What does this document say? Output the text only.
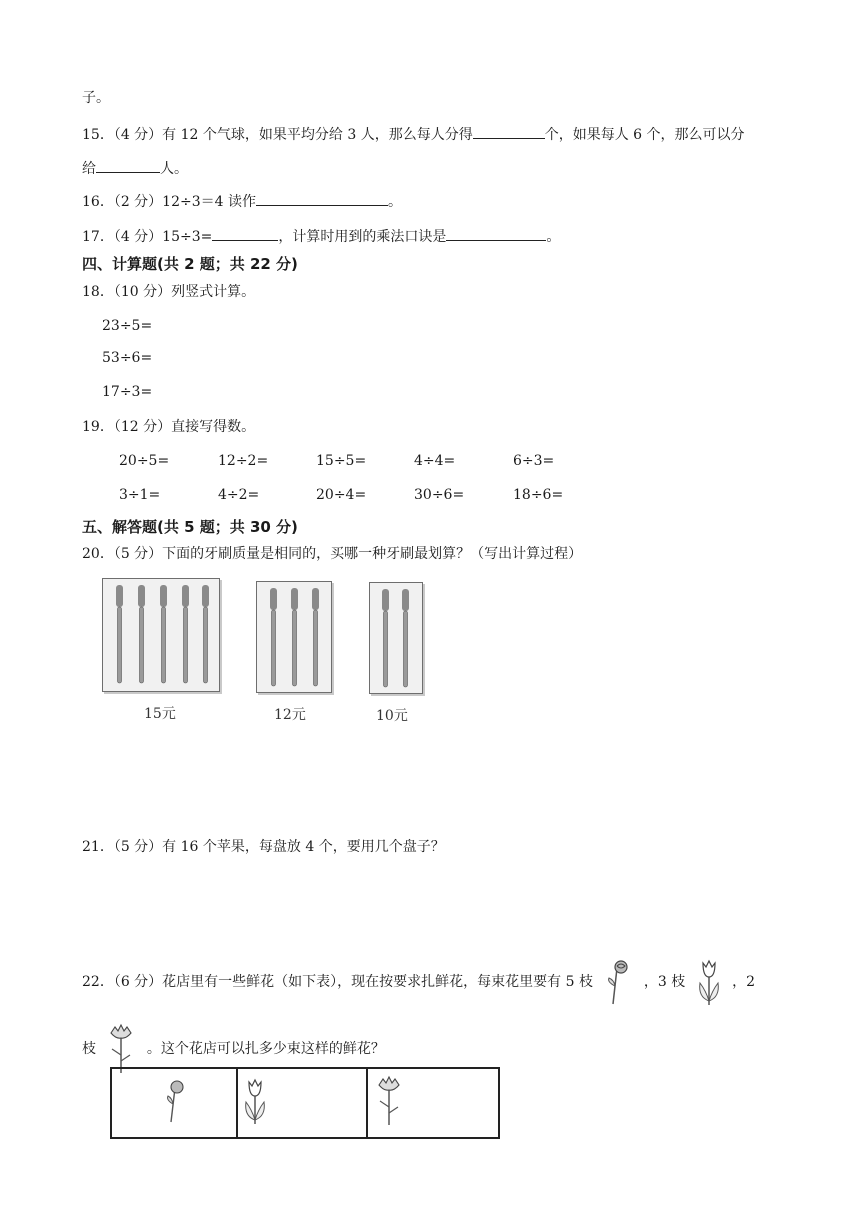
子。
15．（4 分）有 12 个气球，如果平均分给 3 人，那么每人分得	个，如果每人 6 个，那么可以分
给	人。
16．（2 分）12÷3＝4 读作	。
17．（4 分）15÷3=	，计算时用到的乘法口诀是	。
四、计算题(共 2 题；共 22 分)
18．（10 分）列竖式计算。
23÷5=
53÷6=
17÷3=
19．（12 分）直接写得数。
20÷5=	12÷2=	15÷5=	4÷4=	6÷3=
3÷1=	4÷2=	20÷4=	30÷6=	18÷6=
五、解答题(共 5 题；共 30 分)
20．（5 分）下面的牙刷质量是相同的，买哪一种牙刷最划算？（写出计算过程）
15元	12元	10元
21．（5 分）有 16 个苹果，每盘放 4 个，要用几个盘子？
22．（6 分）花店里有一些鲜花（如下表），现在按要求扎鲜花，每束花里要有 5 枝	，3 枝	，2
枝	。这个花店可以扎多少束这样的鲜花？
